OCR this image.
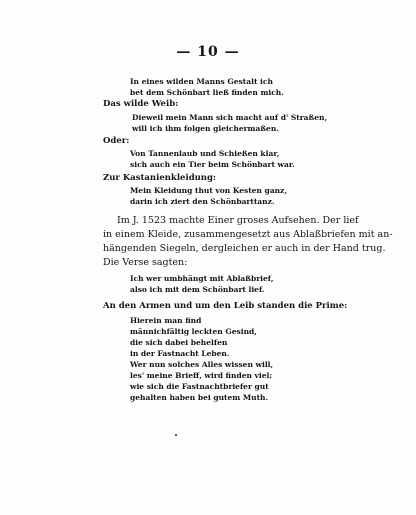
— 10 —
In eines wilden Manns Gestalt ich
bet dem Schönbart ließ finden mich.
Das wilde Weib:
Dieweil mein Mann sich macht auf d' Straßen,
will ich ihm folgen gleichermaßen.
Oder:
Von Tannenlaub und Schießen klar,
sich auch ein Tier beim Schönbart war.
Zur Kastanienkleidung:
Mein Kleidung thut von Kesten ganz,
darin ich ziert den Schönbarttanz.
Im J. 1523 machte Einer groses Aufsehen. Der lief
in einem Kleide, zusammengesetzt aus Ablaßbriefen mit an-
hängenden Siegeln, dergleichen er auch in der Hand trug.
Die Verse sagten:
Ich wer umbhängt mit Ablaßbrief,
also ich mit dem Schönbart lief.
An den Armen und um den Leib standen die Prime:
Hierein man find
männichfältig leckten Gesind,
die sich dabei behelfen
in der Fastnacht Leben.
Wer nun solches Alles wissen will,
les' meine Brieff, wird finden viel;
wie sich die Fastnachtbriefer gut
gehalten haben bei gutem Muth.
